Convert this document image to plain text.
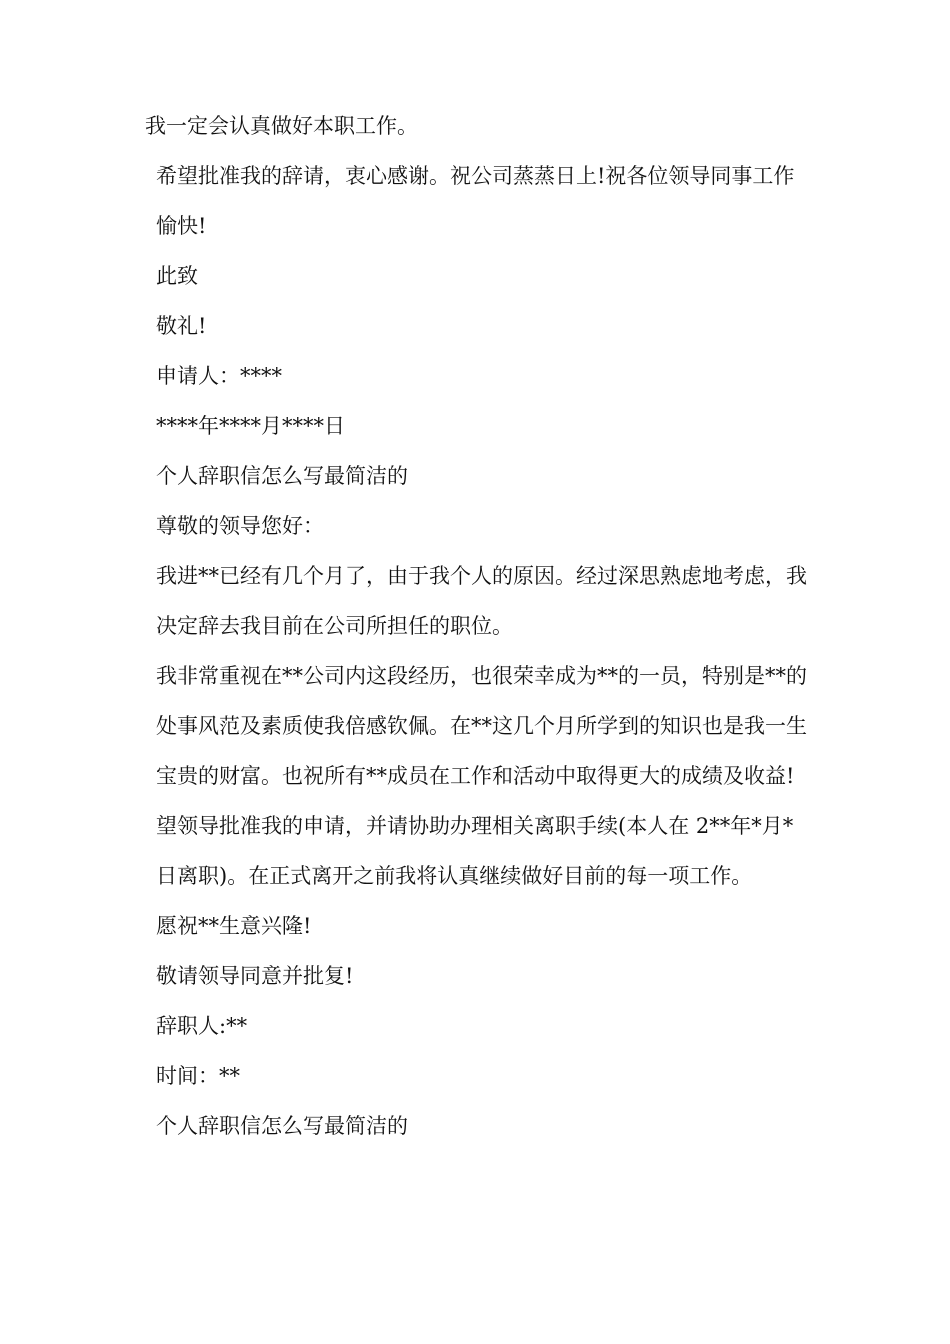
我一定会认真做好本职工作。

希望批准我的辞请，衷心感谢。祝公司蒸蒸日上!祝各位领导同事工作愉快!

此致

敬礼!

申请人：****

****年****月****日

个人辞职信怎么写最简洁的

尊敬的领导您好：

我进**已经有几个月了，由于我个人的原因。经过深思熟虑地考虑，我决定辞去我目前在公司所担任的职位。

我非常重视在**公司内这段经历，也很荣幸成为**的一员，特别是**的处事风范及素质使我倍感钦佩。在**这几个月所学到的知识也是我一生宝贵的财富。也祝所有**成员在工作和活动中取得更大的成绩及收益!

望领导批准我的申请，并请协助办理相关离职手续(本人在 2**年*月*日离职)。在正式离开之前我将认真继续做好目前的每一项工作。

愿祝**生意兴隆!

敬请领导同意并批复!

辞职人:**

时间：**

个人辞职信怎么写最简洁的
